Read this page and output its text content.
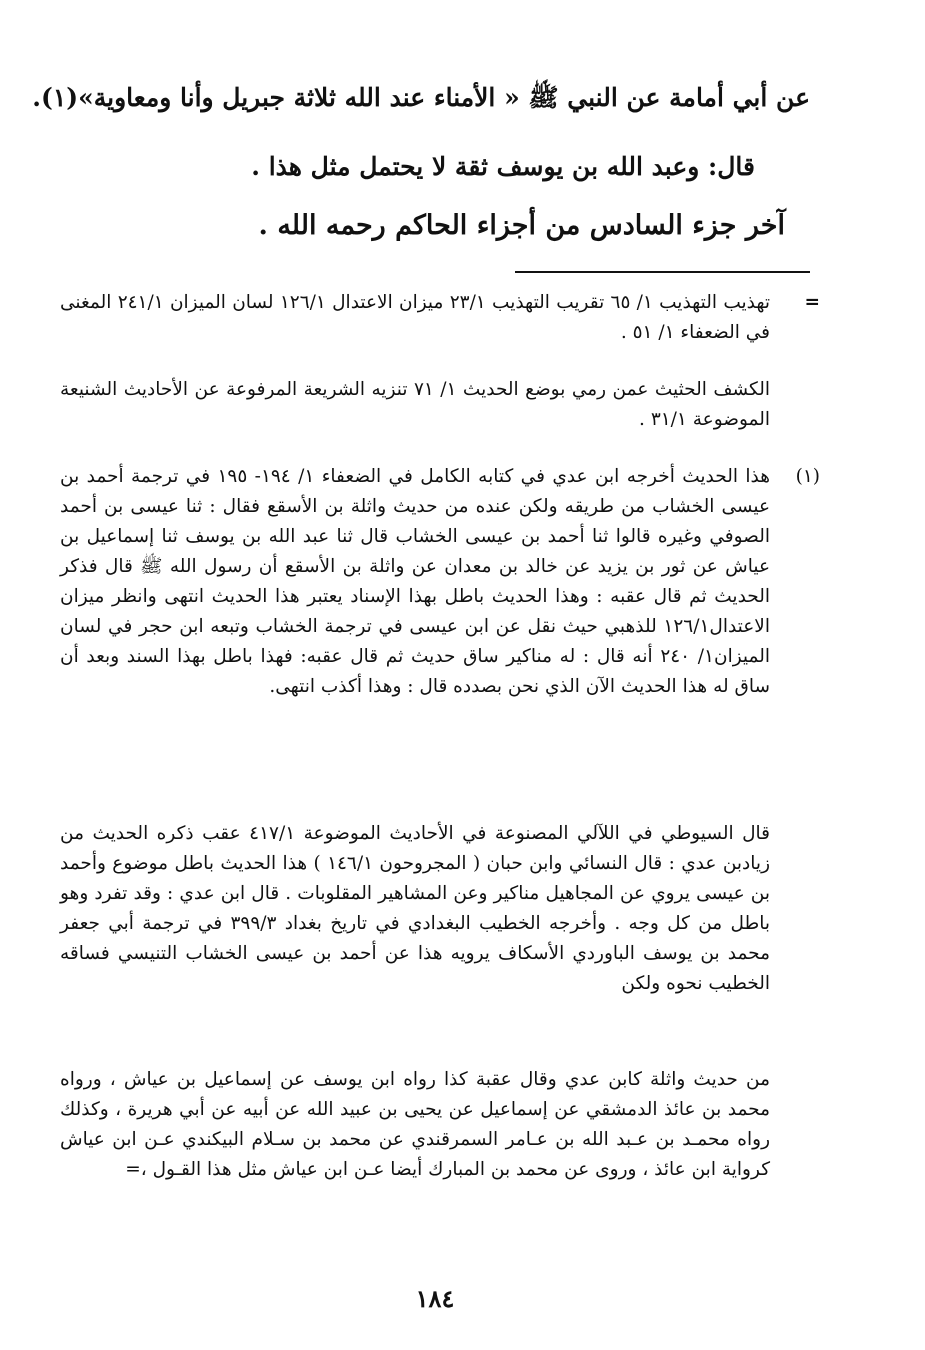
عن أبي أمامة عن النبي ﷺ « الأمناء عند الله ثلاثة جبريل وأنا ومعاوية»(١).
قال: وعبد الله بن يوسف ثقة لا يحتمل مثل هذا .
آخر جزء السادس من أجزاء الحاكم رحمه الله .
=
تهذيب التهذيب ١/ ٦٥ تقريب التهذيب ٢٣/١ ميزان الاعتدال ١٢٦/١ لسان الميزان ٢٤١/١ المغنى في الضعفاء ١/ ٥١ .
الكشف الحثيث عمن رمي بوضع الحديث ١/ ٧١ تنزيه الشريعة المرفوعة عن الأحاديث الشنيعة الموضوعة ٣١/١ .
(١)
هذا الحديث أخرجه ابن عدي في كتابه الكامل في الضعفاء ١/ ١٩٤- ١٩٥ في ترجمة أحمد بن عيسى الخشاب من طريقه ولكن عنده من حديث واثلة بن الأسقع فقال : ثنا عيسى بن أحمد الصوفي وغيره قالوا ثنا أحمد بن عيسى الخشاب قال ثنا عبد الله بن يوسف ثنا إسماعيل بن عياش عن ثور بن يزيد عن خالد بن معدان عن واثلة بن الأسقع أن رسول الله ﷺ قال فذكر الحديث ثم قال عقبه : وهذا الحديث باطل بهذا الإسناد يعتبر هذا الحديث انتهى وانظر ميزان الاعتدال١٢٦/١ للذهبي حيث نقل عن ابن عيسى في ترجمة الخشاب وتبعه ابن حجر في لسان الميزان١/ ٢٤٠ أنه قال : له مناكير ساق حديث ثم قال عقبه: فهذا باطل بهذا السند وبعد أن ساق له هذا الحديث الآن الذي نحن بصدده قال : وهذا أكذب انتهى.
قال السيوطي في اللآلي المصنوعة في الأحاديث الموضوعة ٤١٧/١ عقب ذكره الحديث من زيادبن عدي : قال النسائي وابن حبان ( المجروحون ١٤٦/١ ) هذا الحديث باطل موضوع وأحمد بن عيسى يروي عن المجاهيل مناكير وعن المشاهير المقلوبات . قال ابن عدي : وقد تفرد وهو باطل من كل وجه . وأخرجه الخطيب البغدادي في تاريخ بغداد ٣٩٩/٣ في ترجمة أبي جعفر محمد بن يوسف الباوردي الأسكاف يرويه هذا عن أحمد بن عيسى الخشاب التنيسي فساقه الخطيب نحوه ولكن
من حديث واثلة كابن عدي وقال عقبة كذا رواه ابن يوسف عن إسماعيل بن عياش ، ورواه محمد بن عائذ الدمشقي عن إسماعيل عن يحيى بن عبيد الله عن أبيه عن أبي هريرة ، وكذلك رواه محمـد بن عـبد الله بن عـامر السمرقندي عن محمد بن سـلام البيكندي عـن ابن عياش كرواية ابن عائذ ، وروى عن محمد بن المبارك أيضا عـن ابن عياش مثل هذا القـول ،=
١٨٤
